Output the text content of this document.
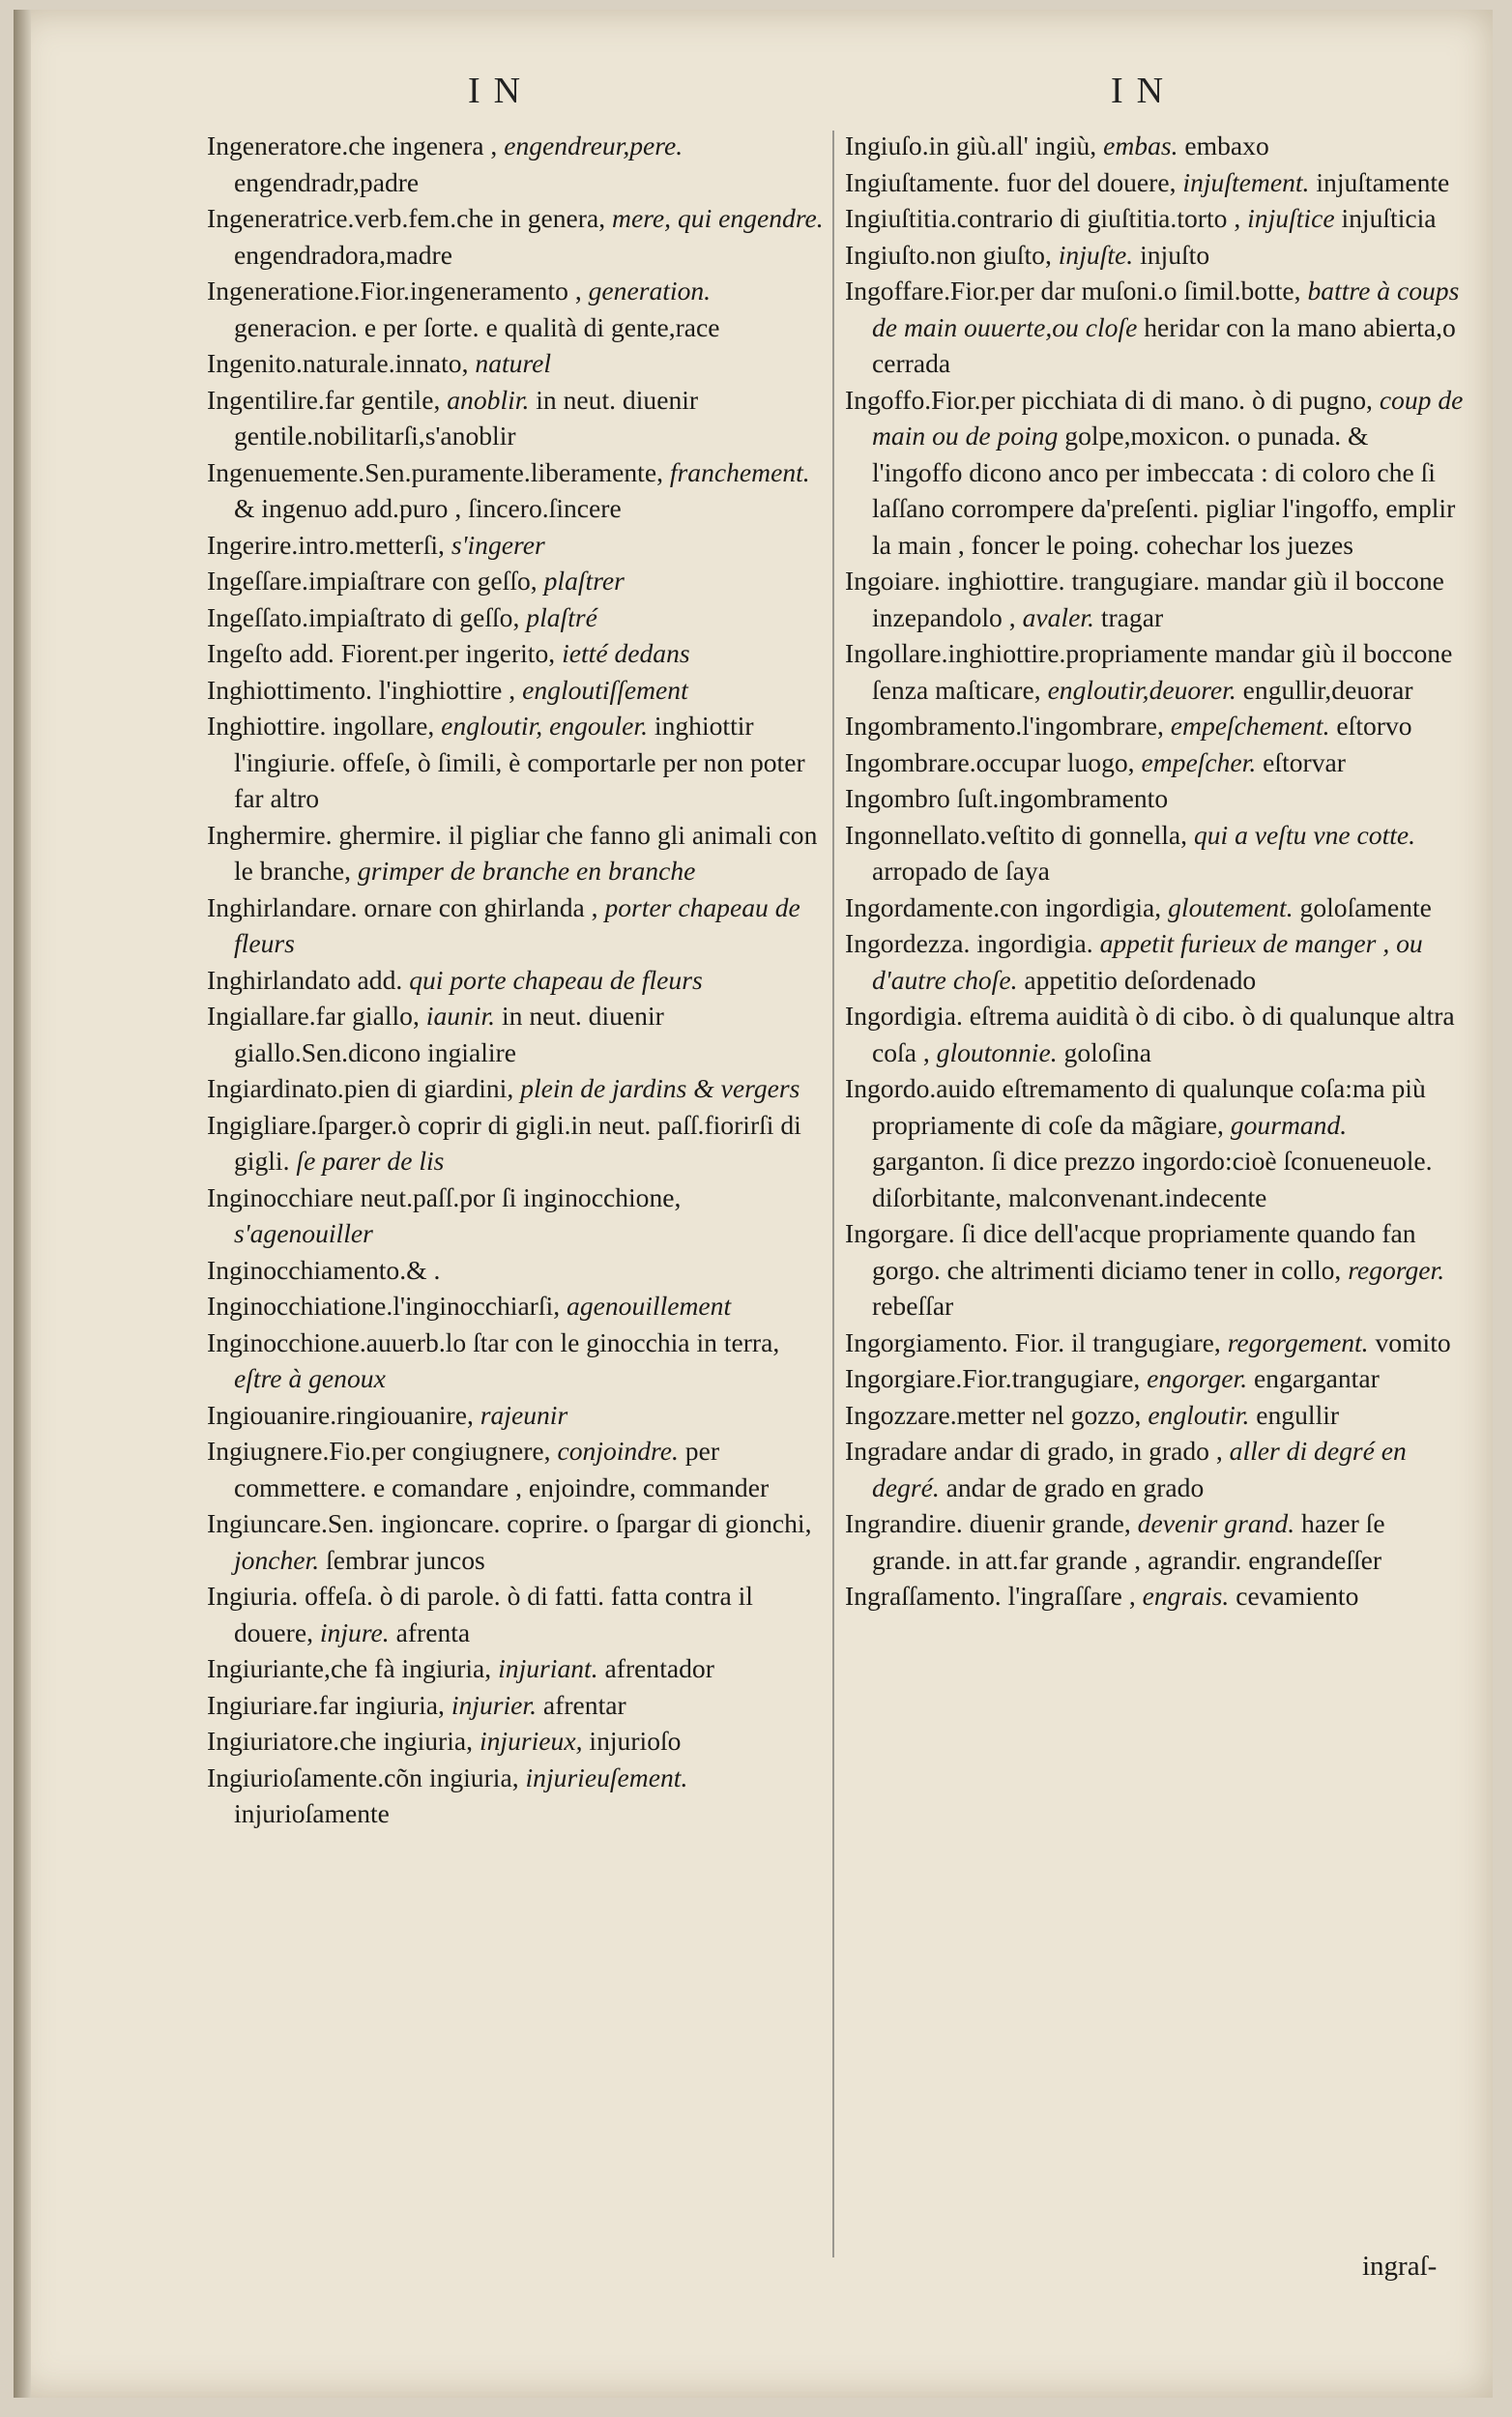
IN	IN

Ingeneratore.che ingenera , engendreur,pere. engendradr,padre

Ingeneratrice.verb.fem.che in genera, mere, qui engendre. engendradora,madre

Ingeneratione.Fior.ingeneramento , generation. generacion. e per ſorte. e qualità di gente,race

Ingenito.naturale.innato, naturel

Ingentilire.far gentile, anoblir. in neut. diuenir gentile.nobilitarſi,s'anoblir

Ingenuemente.Sen.puramente.liberamente, franchement. & ingenuo add.puro , ſincero.ſincere

Ingerire.intro.metterſi, s'ingerer

Ingeſſare.impiaſtrare con geſſo, plaſtrer

Ingeſſato.impiaſtrato di geſſo, plaſtré

Ingeſto add. Fiorent.per ingerito, ietté dedans

Inghiottimento. l'inghiottire , engloutiſſement

Inghiottire. ingollare, engloutir, engouler. inghiottir l'ingiurie. offeſe, ò ſimili, è comportarle per non poter far altro

Inghermire. ghermire. il pigliar che fanno gli animali con le branche, grimper de branche en branche

Inghirlandare. ornare con ghirlanda , porter chapeau de fleurs

Inghirlandato add. qui porte chapeau de fleurs

Ingiallare.far giallo, iaunir. in neut. diuenir giallo.Sen.dicono ingialire

Ingiardinato.pien di giardini, plein de jardins & vergers

Ingigliare.ſparger.ò coprir di gigli.in neut. paſſ.fiorirſi di gigli. ſe parer de lis

Inginocchiare neut.paſſ.por ſi inginocchione, s'agenouiller

Inginocchiamento.& .

Inginocchiatione.l'inginocchiarſi, agenouillement

Inginocchione.auuerb.lo ſtar con le ginocchia in terra, eſtre à genoux

Ingiouanire.ringiouanire, rajeunir

Ingiugnere.Fio.per congiugnere, conjoindre. per commettere. e comandare , enjoindre, commander

Ingiuncare.Sen. ingioncare. coprire. o ſpargar di gionchi, joncher. ſembrar juncos

Ingiuria. offeſa. ò di parole. ò di fatti. fatta contra il douere, injure. afrenta

Ingiuriante,che fà ingiuria, injuriant. afrentador

Ingiuriare.far ingiuria, injurier. afrentar

Ingiuriatore.che ingiuria, injurieux, injurioſo

Ingiurioſamente.cõn ingiuria, injurieuſement. injurioſamente

Ingiuſo.in giù.all' ingiù, embas. embaxo

Ingiuſtamente. fuor del douere, injuſtement. injuſtamente

Ingiuſtitia.contrario di giuſtitia.torto , injuſtice injuſticia

Ingiuſto.non giuſto, injuſte. injuſto

Ingoffare.Fior.per dar muſoni.o ſimil.botte, battre à coups de main ouuerte,ou cloſe heridar con la mano abierta,o cerrada

Ingoffo.Fior.per picchiata di di mano. ò di pugno, coup de main ou de poing golpe,moxicon. o punada. & l'ingoffo dicono anco per imbeccata : di coloro che ſi laſſano corrompere da'preſenti. pigliar l'ingoffo, emplir la main , foncer le poing. cohechar los juezes

Ingoiare. inghiottire. trangugiare. mandar giù il boccone inzepandolo , avaler. tragar

Ingollare.inghiottire.propriamente mandar giù il boccone ſenza maſticare, engloutir,deuorer. engullir,deuorar

Ingombramento.l'ingombrare, empeſchement. eſtorvo

Ingombrare.occupar luogo, empeſcher. eſtorvar

Ingombro ſuſt.ingombramento

Ingonnellato.veſtito di gonnella, qui a veſtu vne cotte. arropado de ſaya

Ingordamente.con ingordigia, gloutement. goloſamente

Ingordezza. ingordigia. appetit furieux de manger , ou d'autre choſe. appetitio deſordenado

Ingordigia. eſtrema auidità ò di cibo. ò di qualunque altra coſa , gloutonnie. goloſina

Ingordo.auido eſtremamento di qualunque coſa:ma più propriamente di coſe da mãgiare, gourmand. garganton. ſi dice prezzo ingordo:cioè ſconueneuole. diſorbitante, malconvenant.indecente

Ingorgare. ſi dice dell'acque propriamente quando fan gorgo. che altrimenti diciamo tener in collo, regorger. rebeſſar

Ingorgiamento. Fior. il trangugiare, regorgement. vomito

Ingorgiare.Fior.trangugiare, engorger. engargantar

Ingozzare.metter nel gozzo, engloutir. engullir

Ingradare andar di grado, in grado , aller di degré en degré. andar de grado en grado

Ingrandire. diuenir grande, devenir grand. hazer ſe grande. in att.far grande , agrandir. engrandeſſer

Ingraſſamento. l'ingraſſare , engrais. cevamiento

ingraſ-
